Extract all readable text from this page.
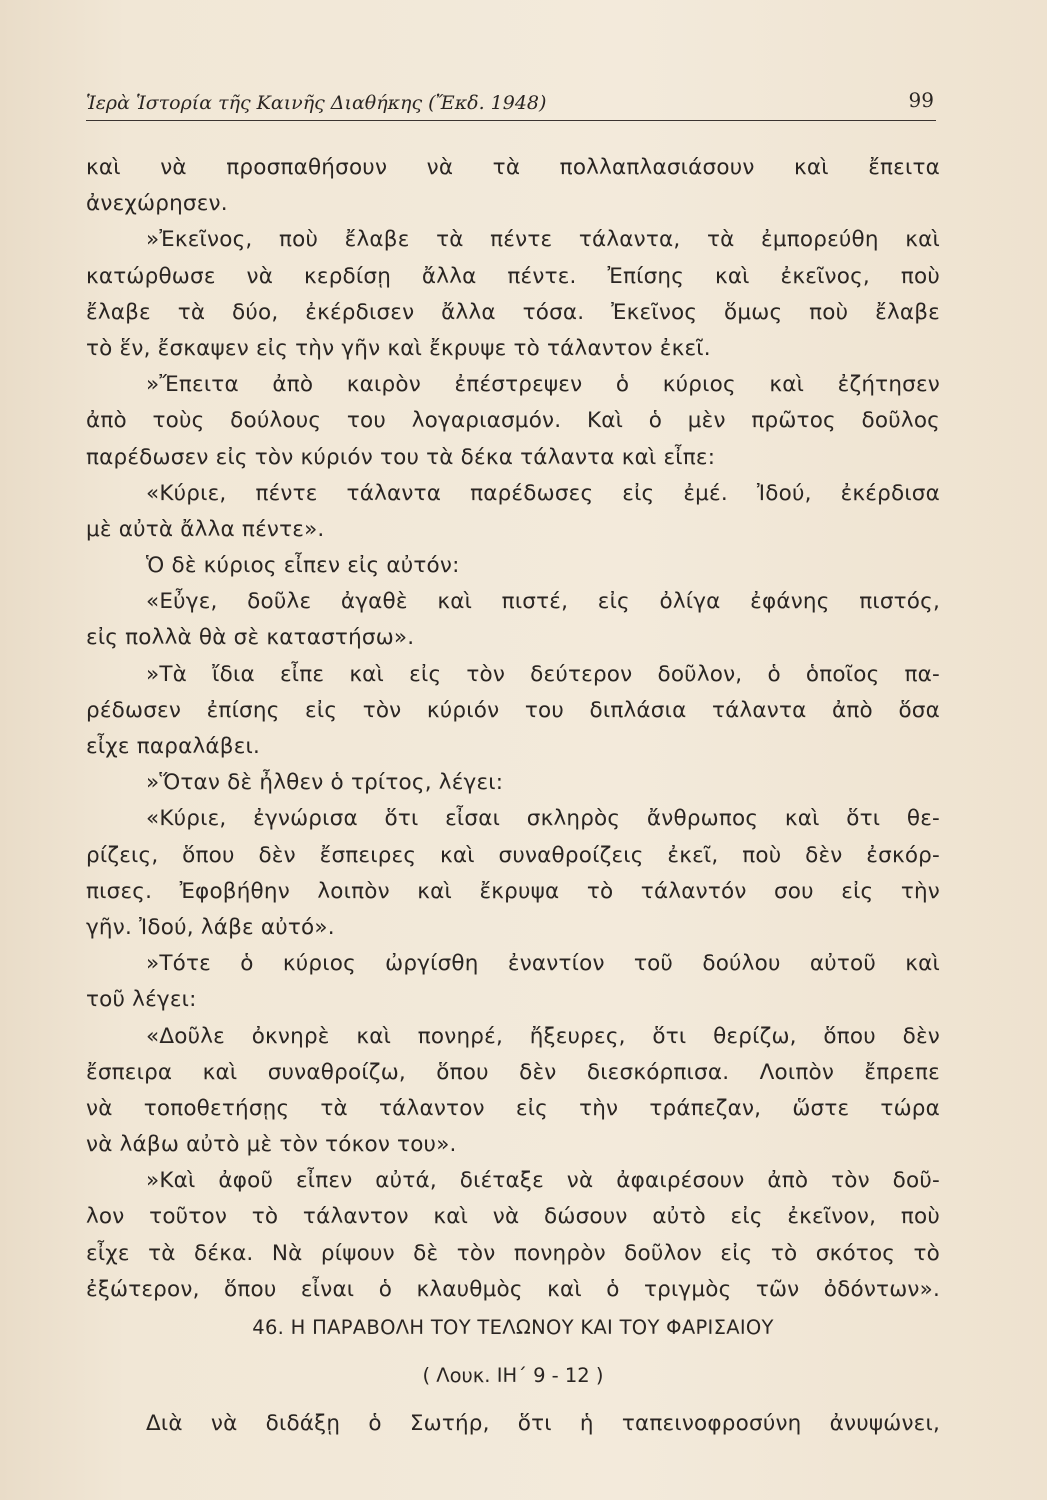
Ἱερὰ Ἱστορία τῆς Καινῆς Διαθήκης (Ἔκδ. 1948)	99
καὶ νὰ προσπαθήσουν νὰ τὰ πολλαπλασιάσουν καὶ ἔπειτα
ἀνεχώρησεν.
»Ἐκεῖνος, ποὺ ἔλαβε τὰ πέντε τάλαντα, τὰ ἐμπορεύθη καὶ
κατώρθωσε νὰ κερδίσῃ ἄλλα πέντε. Ἐπίσης καὶ ἐκεῖνος, ποὺ
ἔλαβε τὰ δύο, ἐκέρδισεν ἄλλα τόσα. Ἐκεῖνος ὅμως ποὺ ἔλαβε
τὸ ἕν, ἔσκαψεν εἰς τὴν γῆν καὶ ἔκρυψε τὸ τάλαντον ἐκεῖ.
»Ἔπειτα ἀπὸ καιρὸν ἐπέστρεψεν ὁ κύριος καὶ ἐζήτησεν
ἀπὸ τοὺς δούλους του λογαριασμόν. Καὶ ὁ μὲν πρῶτος δοῦλος
παρέδωσεν εἰς τὸν κύριόν του τὰ δέκα τάλαντα καὶ εἶπε:
«Κύριε, πέντε τάλαντα παρέδωσες εἰς ἐμέ. Ἰδού, ἐκέρδισα
μὲ αὐτὰ ἄλλα πέντε».
Ὁ δὲ κύριος εἶπεν εἰς αὐτόν:
«Εὖγε, δοῦλε ἀγαθὲ καὶ πιστέ, εἰς ὀλίγα ἐφάνης πιστός,
εἰς πολλὰ θὰ σὲ καταστήσω».
»Τὰ ἴδια εἶπε καὶ εἰς τὸν δεύτερον δοῦλον, ὁ ὁποῖος πα-
ρέδωσεν ἐπίσης εἰς τὸν κύριόν του διπλάσια τάλαντα ἀπὸ ὅσα
εἶχε παραλάβει.
»Ὅταν δὲ ἦλθεν ὁ τρίτος, λέγει:
«Κύριε, ἐγνώρισα ὅτι εἶσαι σκληρὸς ἄνθρωπος καὶ ὅτι θε-
ρίζεις, ὅπου δὲν ἔσπειρες καὶ συναθροίζεις ἐκεῖ, ποὺ δὲν ἐσκόρ-
πισες. Ἐφοβήθην λοιπὸν καὶ ἔκρυψα τὸ τάλαντόν σου εἰς τὴν
γῆν. Ἰδού, λάβε αὐτό».
»Τότε ὁ κύριος ὠργίσθη ἐναντίον τοῦ δούλου αὐτοῦ καὶ
τοῦ λέγει:
«Δοῦλε ὀκνηρὲ καὶ πονηρέ, ἤξευρες, ὅτι θερίζω, ὅπου δὲν
ἔσπειρα καὶ συναθροίζω, ὅπου δὲν διεσκόρπισα. Λοιπὸν ἔπρεπε
νὰ τοποθετήσῃς τὰ τάλαντον εἰς τὴν τράπεζαν, ὥστε τώρα
νὰ λάβω αὐτὸ μὲ τὸν τόκον του».
»Καὶ ἀφοῦ εἶπεν αὐτά, διέταξε νὰ ἀφαιρέσουν ἀπὸ τὸν δοῦ-
λον τοῦτον τὸ τάλαντον καὶ νὰ δώσουν αὐτὸ εἰς ἐκεῖνον, ποὺ
εἶχε τὰ δέκα. Νὰ ρίψουν δὲ τὸν πονηρὸν δοῦλον εἰς τὸ σκότος τὸ
ἐξώτερον, ὅπου εἶναι ὁ κλαυθμὸς καὶ ὁ τριγμὸς τῶν ὀδόντων».
46. Η ΠΑΡΑΒΟΛΗ ΤΟΥ ΤΕΛΩΝΟΥ ΚΑΙ ΤΟΥ ΦΑΡΙΣΑΙΟΥ
( Λουκ. ΙΗ΄ 9 - 12 )
Διὰ νὰ διδάξῃ ὁ Σωτήρ, ὅτι ἡ ταπεινοφροσύνη ἀνυψώνει,
